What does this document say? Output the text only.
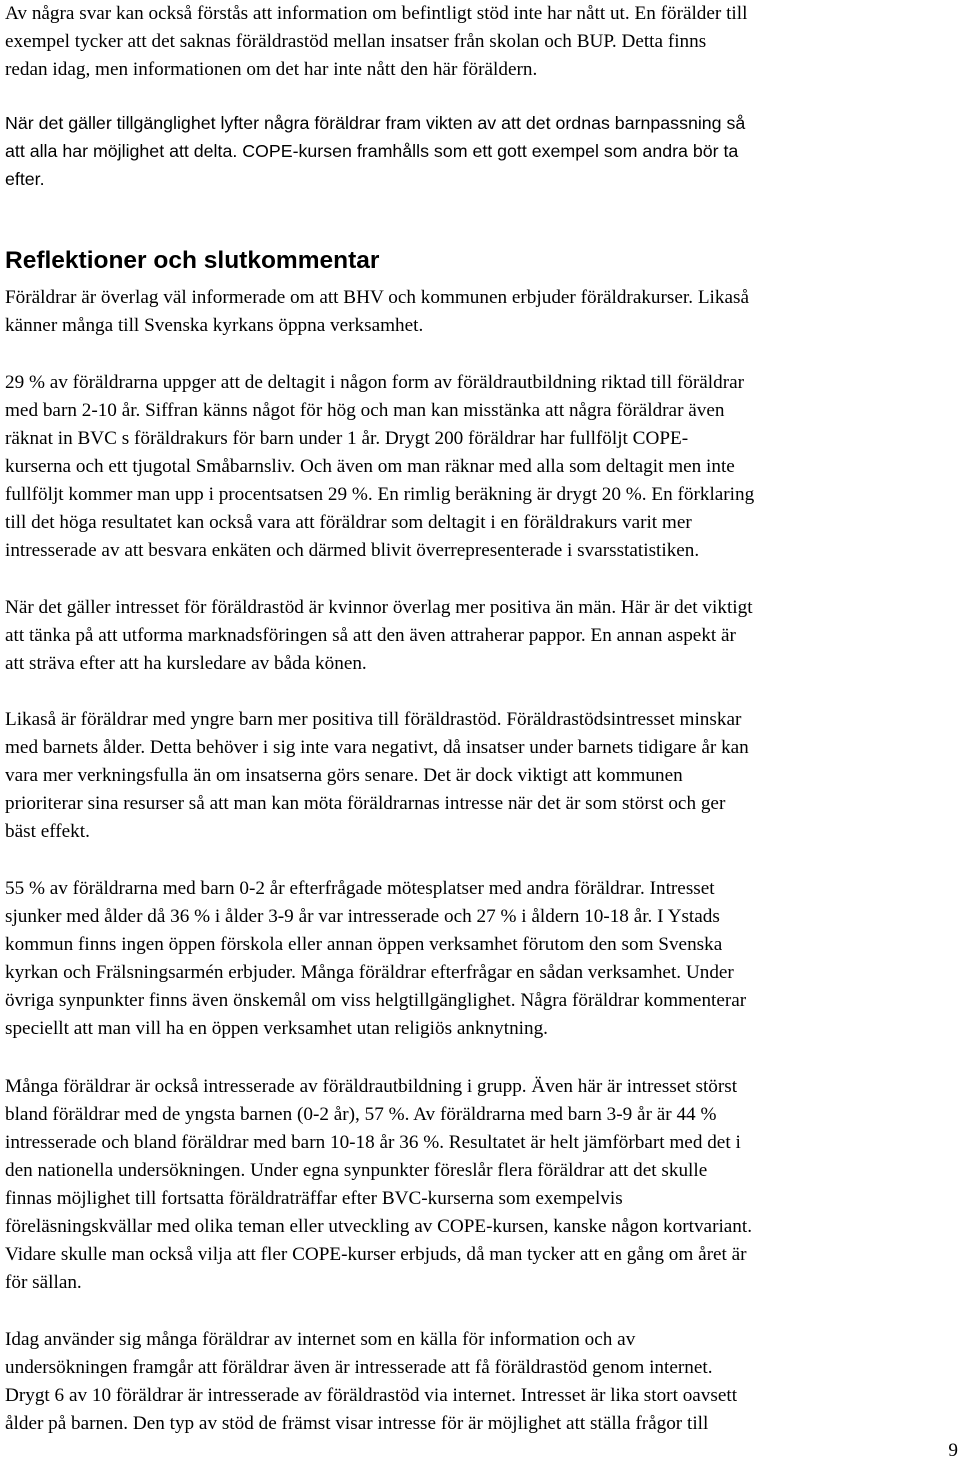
Av några svar kan också förstås att information om befintligt stöd inte har nått ut. En förälder till
exempel tycker att det saknas föräldrastöd mellan insatser från skolan och BUP. Detta finns
redan idag, men informationen om det har inte nått den här föräldern.

När det gäller tillgänglighet lyfter några föräldrar fram vikten av att det ordnas barnpassning så
att alla har möjlighet att delta. COPE-kursen framhålls som ett gott exempel som andra bör ta
efter.

Reflektioner och slutkommentar

Föräldrar är överlag väl informerade om att BHV och kommunen erbjuder föräldrakurser. Likaså
känner många till Svenska kyrkans öppna verksamhet.

29 % av föräldrarna uppger att de deltagit i någon form av föräldrautbildning riktad till föräldrar
med barn 2-10 år. Siffran känns något för hög och man kan misstänka att några föräldrar även
räknat in BVC s föräldrakurs för barn under 1 år. Drygt 200 föräldrar har fullföljt COPE-
kurserna och ett tjugotal Småbarnsliv. Och även om man räknar med alla som deltagit men inte
fullföljt kommer man upp i procentsatsen 29 %. En rimlig beräkning är drygt 20 %. En förklaring
till det höga resultatet kan också vara att föräldrar som deltagit i en föräldrakurs varit mer
intresserade av att besvara enkäten och därmed blivit överrepresenterade i svarsstatistiken.

När det gäller intresset för föräldrastöd är kvinnor överlag mer positiva än män. Här är det viktigt
att tänka på att utforma marknadsföringen så att den även attraherar pappor. En annan aspekt är
att sträva efter att ha kursledare av båda könen.

Likaså är föräldrar med yngre barn mer positiva till föräldrastöd. Föräldrastödsintresset minskar
med barnets ålder. Detta behöver i sig inte vara negativt, då insatser under barnets tidigare år kan
vara mer verkningsfulla än om insatserna görs senare. Det är dock viktigt att kommunen
prioriterar sina resurser så att man kan möta föräldrarnas intresse när det är som störst och ger
bäst effekt.

55 % av föräldrarna med barn 0-2 år efterfrågade mötesplatser med andra föräldrar. Intresset
sjunker med ålder då 36 % i ålder 3-9 år var intresserade och 27 % i åldern 10-18 år. I Ystads
kommun finns ingen öppen förskola eller annan öppen verksamhet förutom den som Svenska
kyrkan och Frälsningsarmén erbjuder. Många föräldrar efterfrågar en sådan verksamhet. Under
övriga synpunkter finns även önskemål om viss helgtillgänglighet. Några föräldrar kommenterar
speciellt att man vill ha en öppen verksamhet utan religiös anknytning.

Många föräldrar är också intresserade av föräldrautbildning i grupp. Även här är intresset störst
bland föräldrar med de yngsta barnen (0-2 år), 57 %. Av föräldrarna med barn 3-9 år är 44 %
intresserade och bland föräldrar med barn 10-18 år 36 %. Resultatet är helt jämförbart med det i
den nationella undersökningen. Under egna synpunkter föreslår flera föräldrar att det skulle
finnas möjlighet till fortsatta föräldraträffar efter BVC-kurserna som exempelvis
föreläsningskvällar med olika teman eller utveckling av COPE-kursen, kanske någon kortvariant.
Vidare skulle man också vilja att fler COPE-kurser erbjuds, då man tycker att en gång om året är
för sällan.

Idag använder sig många föräldrar av internet som en källa för information och av
undersökningen framgår att föräldrar även är intresserade att få föräldrastöd genom internet.
Drygt 6 av 10 föräldrar är intresserade av föräldrastöd via internet. Intresset är lika stort oavsett
ålder på barnen. Den typ av stöd de främst visar intresse för är möjlighet att ställa frågor till

9
